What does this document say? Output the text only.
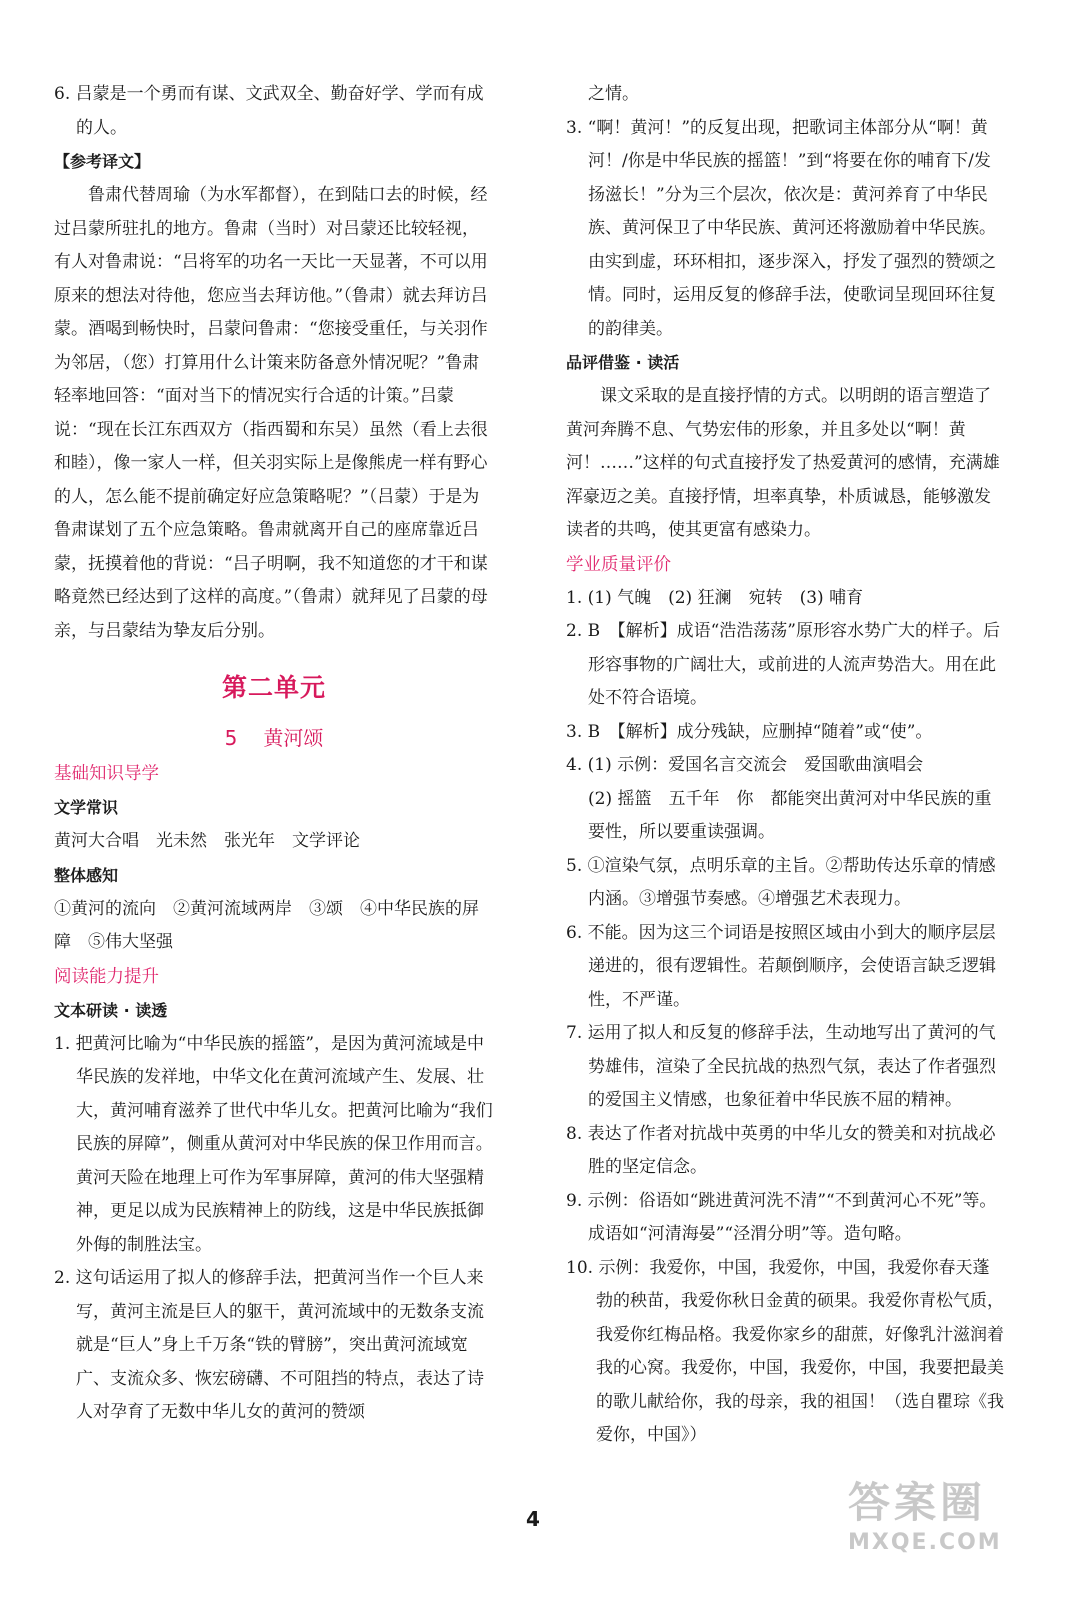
6. 吕蒙是一个勇而有谋、文武双全、勤奋好学、学而有成的人。

【参考译文】

鲁肃代替周瑜（为水军都督），在到陆口去的时候，经过吕蒙所驻扎的地方。鲁肃（当时）对吕蒙还比较轻视，有人对鲁肃说：“吕将军的功名一天比一天显著，不可以用原来的想法对待他，您应当去拜访他。”（鲁肃）就去拜访吕蒙。酒喝到畅快时，吕蒙问鲁肃：“您接受重任，与关羽作为邻居，（您）打算用什么计策来防备意外情况呢？”鲁肃轻率地回答：“面对当下的情况实行合适的计策。”吕蒙说：“现在长江东西双方（指西蜀和东吴）虽然（看上去很和睦），像一家人一样，但关羽实际上是像熊虎一样有野心的人，怎么能不提前确定好应急策略呢？”（吕蒙）于是为鲁肃谋划了五个应急策略。鲁肃就离开自己的座席靠近吕蒙，抚摸着他的背说：“吕子明啊，我不知道您的才干和谋略竟然已经达到了这样的高度。”（鲁肃）就拜见了吕蒙的母亲，与吕蒙结为挚友后分别。

第二单元
5 黄河颂

基础知识导学

文学常识

黄河大合唱　光未然　张光年　文学评论

整体感知

①黄河的流向　②黄河流域两岸　③颂　④中华民族的屏障　⑤伟大坚强

阅读能力提升

文本研读 · 读透

1. 把黄河比喻为“中华民族的摇篮”，是因为黄河流域是中华民族的发祥地，中华文化在黄河流域产生、发展、壮大，黄河哺育滋养了世代中华儿女。把黄河比喻为“我们民族的屏障”，侧重从黄河对中华民族的保卫作用而言。黄河天险在地理上可作为军事屏障，黄河的伟大坚强精神，更足以成为民族精神上的防线，这是中华民族抵御外侮的制胜法宝。

2. 这句话运用了拟人的修辞手法，把黄河当作一个巨人来写，黄河主流是巨人的躯干，黄河流域中的无数条支流就是“巨人”身上千万条“铁的臂膀”，突出黄河流域宽广、支流众多、恢宏磅礴、不可阻挡的特点，表达了诗人对孕育了无数中华儿女的黄河的赞颂

之情。

3. “啊！黄河！”的反复出现，把歌词主体部分从“啊！黄河！/你是中华民族的摇篮！”到“将要在你的哺育下/发扬滋长！”分为三个层次，依次是：黄河养育了中华民族、黄河保卫了中华民族、黄河还将激励着中华民族。由实到虚，环环相扣，逐步深入，抒发了强烈的赞颂之情。同时，运用反复的修辞手法，使歌词呈现回环往复的韵律美。

品评借鉴 · 读活

课文采取的是直接抒情的方式。以明朗的语言塑造了黄河奔腾不息、气势宏伟的形象，并且多处以“啊！黄河！……”这样的句式直接抒发了热爱黄河的感情，充满雄浑豪迈之美。直接抒情，坦率真挚，朴质诚恳，能够激发读者的共鸣，使其更富有感染力。

学业质量评价

1. (1) 气魄　(2) 狂澜　宛转　(3) 哺育

2. B　【解析】成语“浩浩荡荡”原形容水势广大的样子。后形容事物的广阔壮大，或前进的人流声势浩大。用在此处不符合语境。

3. B　【解析】成分残缺，应删掉“随着”或“使”。

4. (1) 示例：爱国名言交流会　爱国歌曲演唱会

(2) 摇篮　五千年　你　都能突出黄河对中华民族的重要性，所以要重读强调。

5. ①渲染气氛，点明乐章的主旨。②帮助传达乐章的情感内涵。③增强节奏感。④增强艺术表现力。

6. 不能。因为这三个词语是按照区域由小到大的顺序层层递进的，很有逻辑性。若颠倒顺序，会使语言缺乏逻辑性，不严谨。

7. 运用了拟人和反复的修辞手法，生动地写出了黄河的气势雄伟，渲染了全民抗战的热烈气氛，表达了作者强烈的爱国主义情感，也象征着中华民族不屈的精神。

8. 表达了作者对抗战中英勇的中华儿女的赞美和对抗战必胜的坚定信念。

9. 示例：俗语如“跳进黄河洗不清”“不到黄河心不死”等。成语如“河清海晏”“泾渭分明”等。造句略。

10. 示例：我爱你，中国，我爱你，中国，我爱你春天蓬勃的秧苗，我爱你秋日金黄的硕果。我爱你青松气质，我爱你红梅品格。我爱你家乡的甜蔗，好像乳汁滋润着我的心窝。我爱你，中国，我爱你，中国，我要把最美的歌儿献给你，我的母亲，我的祖国！（选自瞿琮《我爱你，中国》）

4	答案圈
MXQE.COM
